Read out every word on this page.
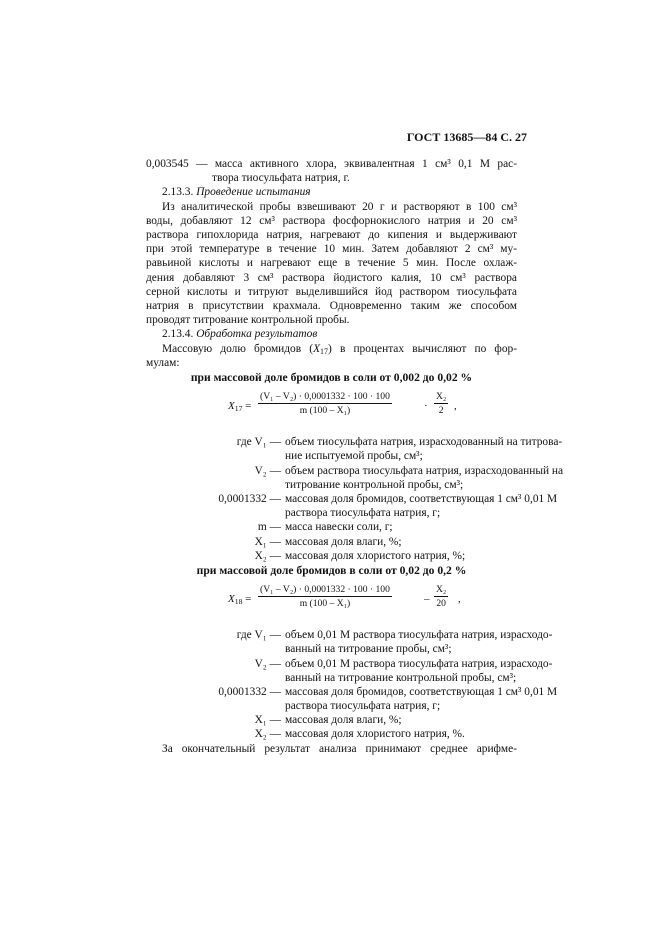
ГОСТ 13685—84 С. 27

0,003545 — масса активного хлора, эквивалентная 1 см³ 0,1 М рас-

твора тиосульфата натрия, г.

2.13.3. Проведение испытания

Из аналитической пробы взвешивают 20 г и растворяют в 100 см³

воды, добавляют 12 см³ раствора фосфорнокислого натрия и 20 см³

раствора гипохлорида натрия, нагревают до кипения и выдерживают

при этой температуре в течение 10 мин. Затем добавляют 2 см³ му-

равьиной кислоты и нагревают еще в течение 5 мин. После охлаж-

дения добавляют 3 см³ раствора йодистого калия, 10 см³ раствора

серной кислоты и титруют выделившийся йод раствором тиосульфата

натрия в присутствии крахмала. Одновременно таким же способом

проводят титрование контрольной пробы.

2.13.4. Обработка результатов

Массовую долю бромидов $(X_{17})$ в процентах вычисляют по фор-

мулам:

при массовой доле бромидов в соли от 0,002 до 0,02 %

$X_{17} = \frac{\text{(V₁ – V₂) · 0,0001332 · 100 · 100}}{\text{m (100 – X₁)}}$	· $\frac{\text{X₂}}{2}$ ,
где V₁ — объем тиосульфата натрия, израсходованный на титрова-
ние испытуемой пробы, см³;
V₂ — объем раствора тиосульфата натрия, израсходованный на
титрование контрольной пробы, см³;
0,0001332 — массовая доля бромидов, соответствующая 1 см³ 0,01 М
раствора тиосульфата натрия, г;
m — масса навески соли, г;
X₁ — массовая доля влаги, %;
X₂ — массовая доля хлористого натрия, %;

при массовой доле бромидов в соли от 0,02 до 0,2 %

$X_{18} = \frac{\text{(V₁ – V₂) · 0,0001332 · 100 · 100}}{\text{m (100 – X₁)}}$	– $\frac{\text{X₂}}{20}$ ,
где V₁ — объем 0,01 М раствора тиосульфата натрия, израсходо-
ванный на титрование пробы, см³;
V₂ — объем 0,01 М раствора тиосульфата натрия, израсходо-
ванный на титрование контрольной пробы, см³;
0,0001332 — массовая доля бромидов, соответствующая 1 см³ 0,01 М
раствора тиосульфата натрия, г;
X₁ — массовая доля влаги, %;
X₂ — массовая доля хлористого натрия, %.

За окончательный результат анализа принимают среднее арифме-
